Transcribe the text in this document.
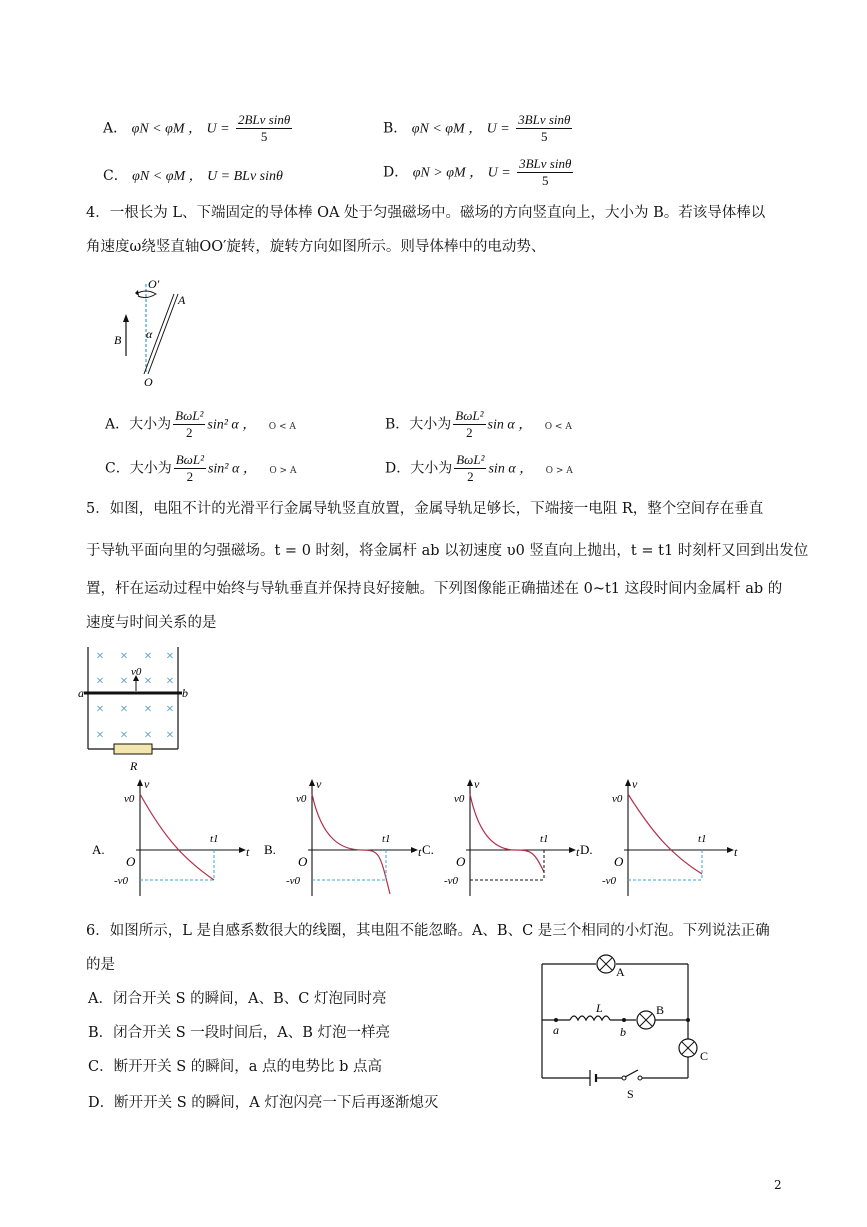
A． φN < φM ， $U = \frac{\text{2BLv sinθ}}{5}$	B． φN < φM ， $U = \frac{\text{3BLv sinθ}}{5}$
C． φN < φM ， U = BLv sinθ	D． φN > φM ， $U = \frac{\text{3BLv sinθ}}{5}$
4．一根长为 L、下端固定的导体棒 OA 处于匀强磁场中。磁场的方向竖直向上，大小为 B。若该导体棒以
角速度ω绕竖直轴OO′旋转，旋转方向如图所示。则导体棒中的电动势、
O′
A
α
B
O
A．大小为 $\frac{\text{BωL²}}{2} \sin^2$ α ， O < A	B．大小为 $\frac{\text{BωL²}}{2}$ sin α ， O < A
C．大小为 $\frac{\text{BωL²}}{2} \sin^2$ α ， O > A	D．大小为 $\frac{\text{BωL²}}{2}$ sin α ， O > A
5．如图，电阻不计的光滑平行金属导轨竖直放置，金属导轨足够长，下端接一电阻 R，整个空间存在垂直
于导轨平面向里的匀强磁场。t = 0 时刻，将金属杆 ab 以初速度 υ0 竖直向上抛出，t = t1 时刻杆又回到出发位
置，杆在运动过程中始终与导轨垂直并保持良好接触。下列图像能正确描述在 0~t1 这段时间内金属杆 ab 的
速度与时间关系的是
× × × ×
× × × ×
× × × ×
× × × ×
v0
a	b
R
v
v0
O
t1
t
-v0
A.
v
v0
O
t1
t
-v0
B.
v
v0
O
t1
t
-v0
C.
v
v0
O
t1
t
-v0
D.
6．如图所示，L 是自感系数很大的线圈，其电阻不能忽略。A、B、C 是三个相同的小灯泡。下列说法正确
的是
A．闭合开关 S 的瞬间，A、B、C 灯泡同时亮
B．闭合开关 S 一段时间后，A、B 灯泡一样亮
C．断开开关 S 的瞬间，a 点的电势比 b 点高
D．断开开关 S 的瞬间，A 灯泡闪亮一下后再逐渐熄灭
A
B
C
S
L
a	b
2
